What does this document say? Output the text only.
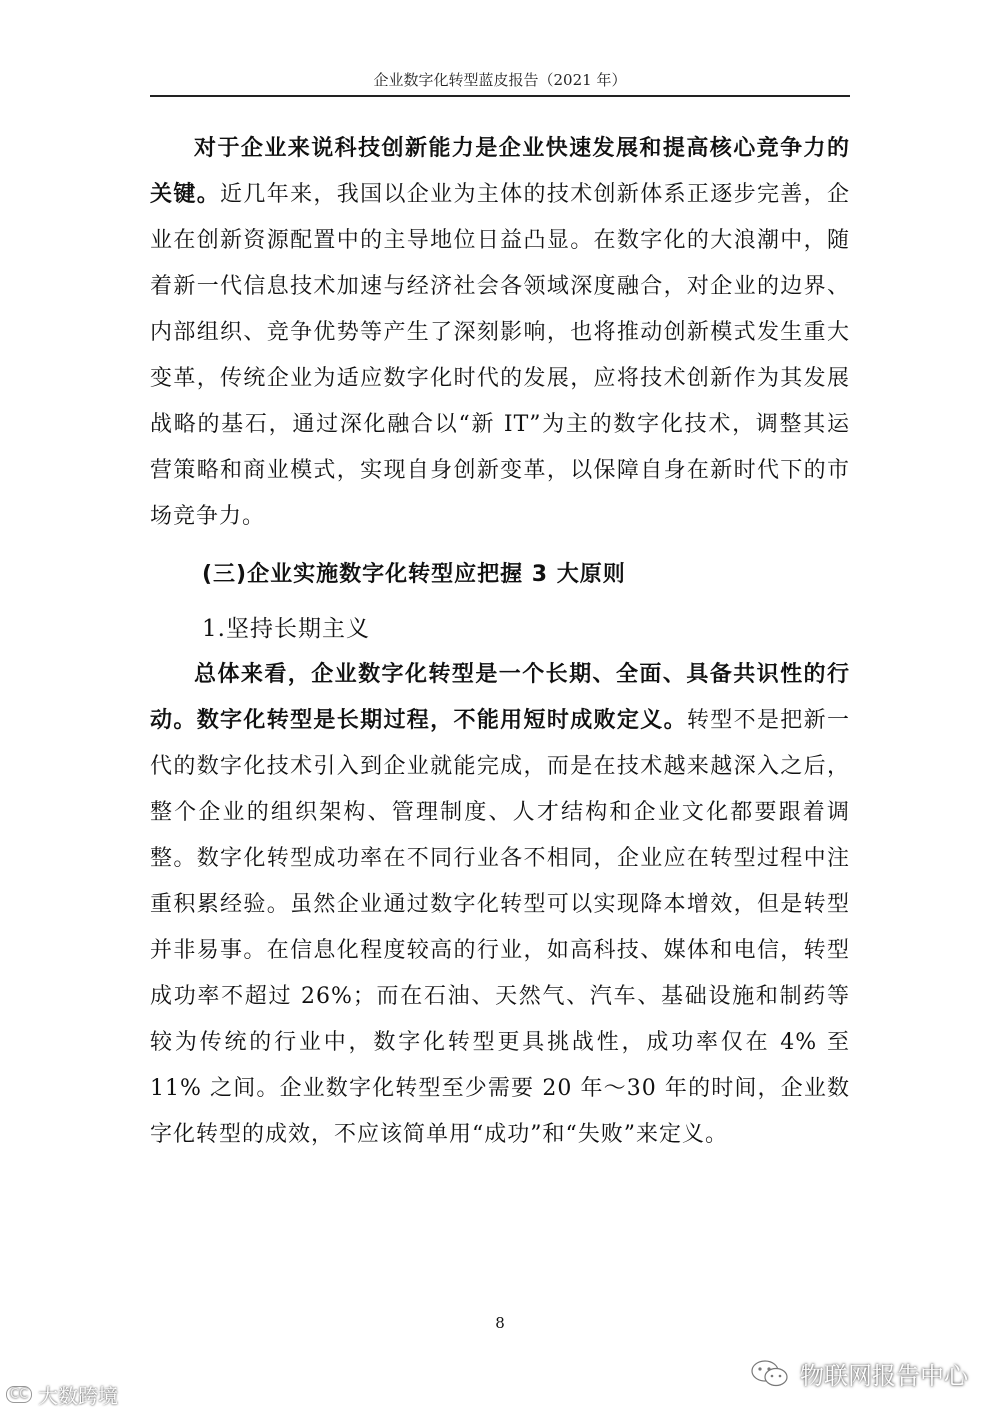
企业数字化转型蓝皮报告（2021 年）

对于企业来说科技创新能力是企业快速发展和提高核心竞争力的关键。近几年来，我国以企业为主体的技术创新体系正逐步完善，企业在创新资源配置中的主导地位日益凸显。在数字化的大浪潮中，随着新一代信息技术加速与经济社会各领域深度融合，对企业的边界、内部组织、竞争优势等产生了深刻影响，也将推动创新模式发生重大变革，传统企业为适应数字化时代的发展，应将技术创新作为其发展战略的基石，通过深化融合以“新 IT”为主的数字化技术，调整其运营策略和商业模式，实现自身创新变革，以保障自身在新时代下的市场竞争力。

(三)企业实施数字化转型应把握 3 大原则

1.坚持长期主义

总体来看，企业数字化转型是一个长期、全面、具备共识性的行动。数字化转型是长期过程，不能用短时成败定义。转型不是把新一代的数字化技术引入到企业就能完成，而是在技术越来越深入之后，整个企业的组织架构、管理制度、人才结构和企业文化都要跟着调整。数字化转型成功率在不同行业各不相同，企业应在转型过程中注重积累经验。虽然企业通过数字化转型可以实现降本增效，但是转型并非易事。在信息化程度较高的行业，如高科技、媒体和电信，转型成功率不超过 26%；而在石油、天然气、汽车、基础设施和制药等较为传统的行业中，数字化转型更具挑战性，成功率仅在 4% 至 11% 之间。企业数字化转型至少需要 20 年～30 年的时间，企业数字化转型的成效，不应该简单用“成功”和“失败”来定义。

8
CC 大数跨境
物联网报告中心
